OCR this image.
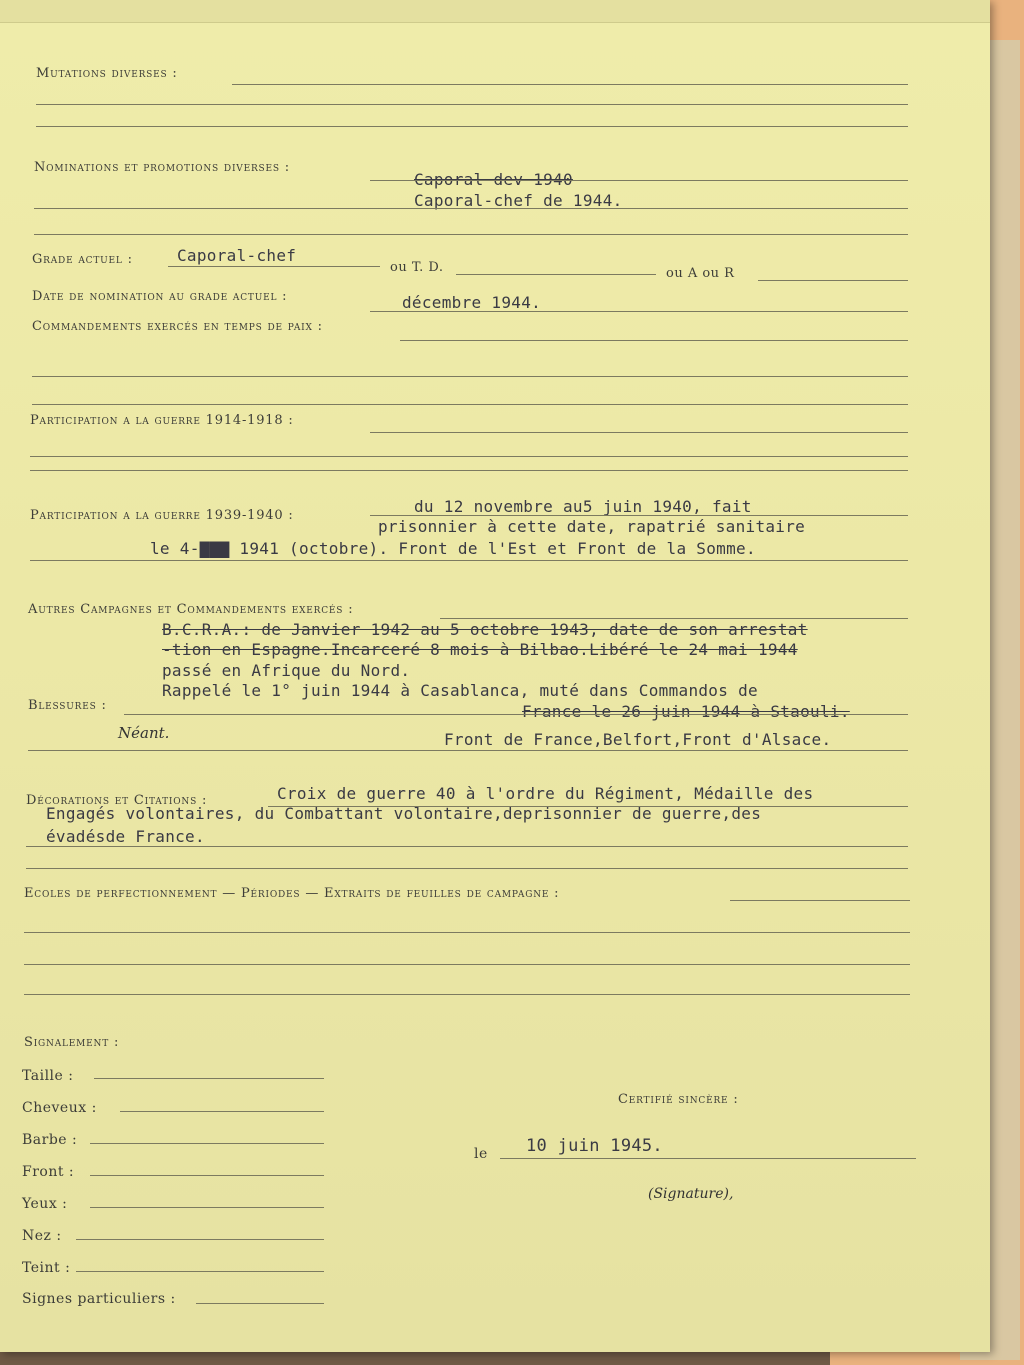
Mutations diverses :
Nominations et promotions diverses :
Caporal dev 1940
Caporal-chef de 1944.
Grade actuel :	Caporal-chef
ou T. D.	ou A ou R
Date de nomination au grade actuel :	décembre 1944.
Commandements exercés en temps de paix :
Participation a la guerre 1914-1918 :
Participation a la guerre 1939-1940 :	du 12 novembre au5 juin 1940, fait
prisonnier à cette date, rapatrié sanitaire
le 4-▇▇▇ 1941 (octobre). Front de l'Est et Front de la Somme.
Autres Campagnes et Commandements exercés :
B.C.R.A.: de Janvier 1942 au 5 octobre 1943, date de son arrestat
-tion en Espagne.Incarceré 8 mois à Bilbao.Libéré le 24 mai 1944
passé en Afrique du Nord.
Rappelé le 1° juin 1944 à Casablanca, muté dans Commandos de
France le 26 juin 1944 à Staouli.
Front de France,Belfort,Front d'Alsace.
Blessures :
Néant.
Décorations et Citations :	Croix de guerre 40 à l'ordre du Régiment, Médaille des
Engagés volontaires, du Combattant volontaire,deprisonnier de guerre,des
évadésde France.
Ecoles de perfectionnement — Périodes — Extraits de feuilles de campagne :
Signalement :
Taille :
Cheveux :
Barbe :
Front :
Yeux :
Nez :
Teint :
Signes particuliers :
Certifié sincère :
le 10 juin 1945.
(Signature),
